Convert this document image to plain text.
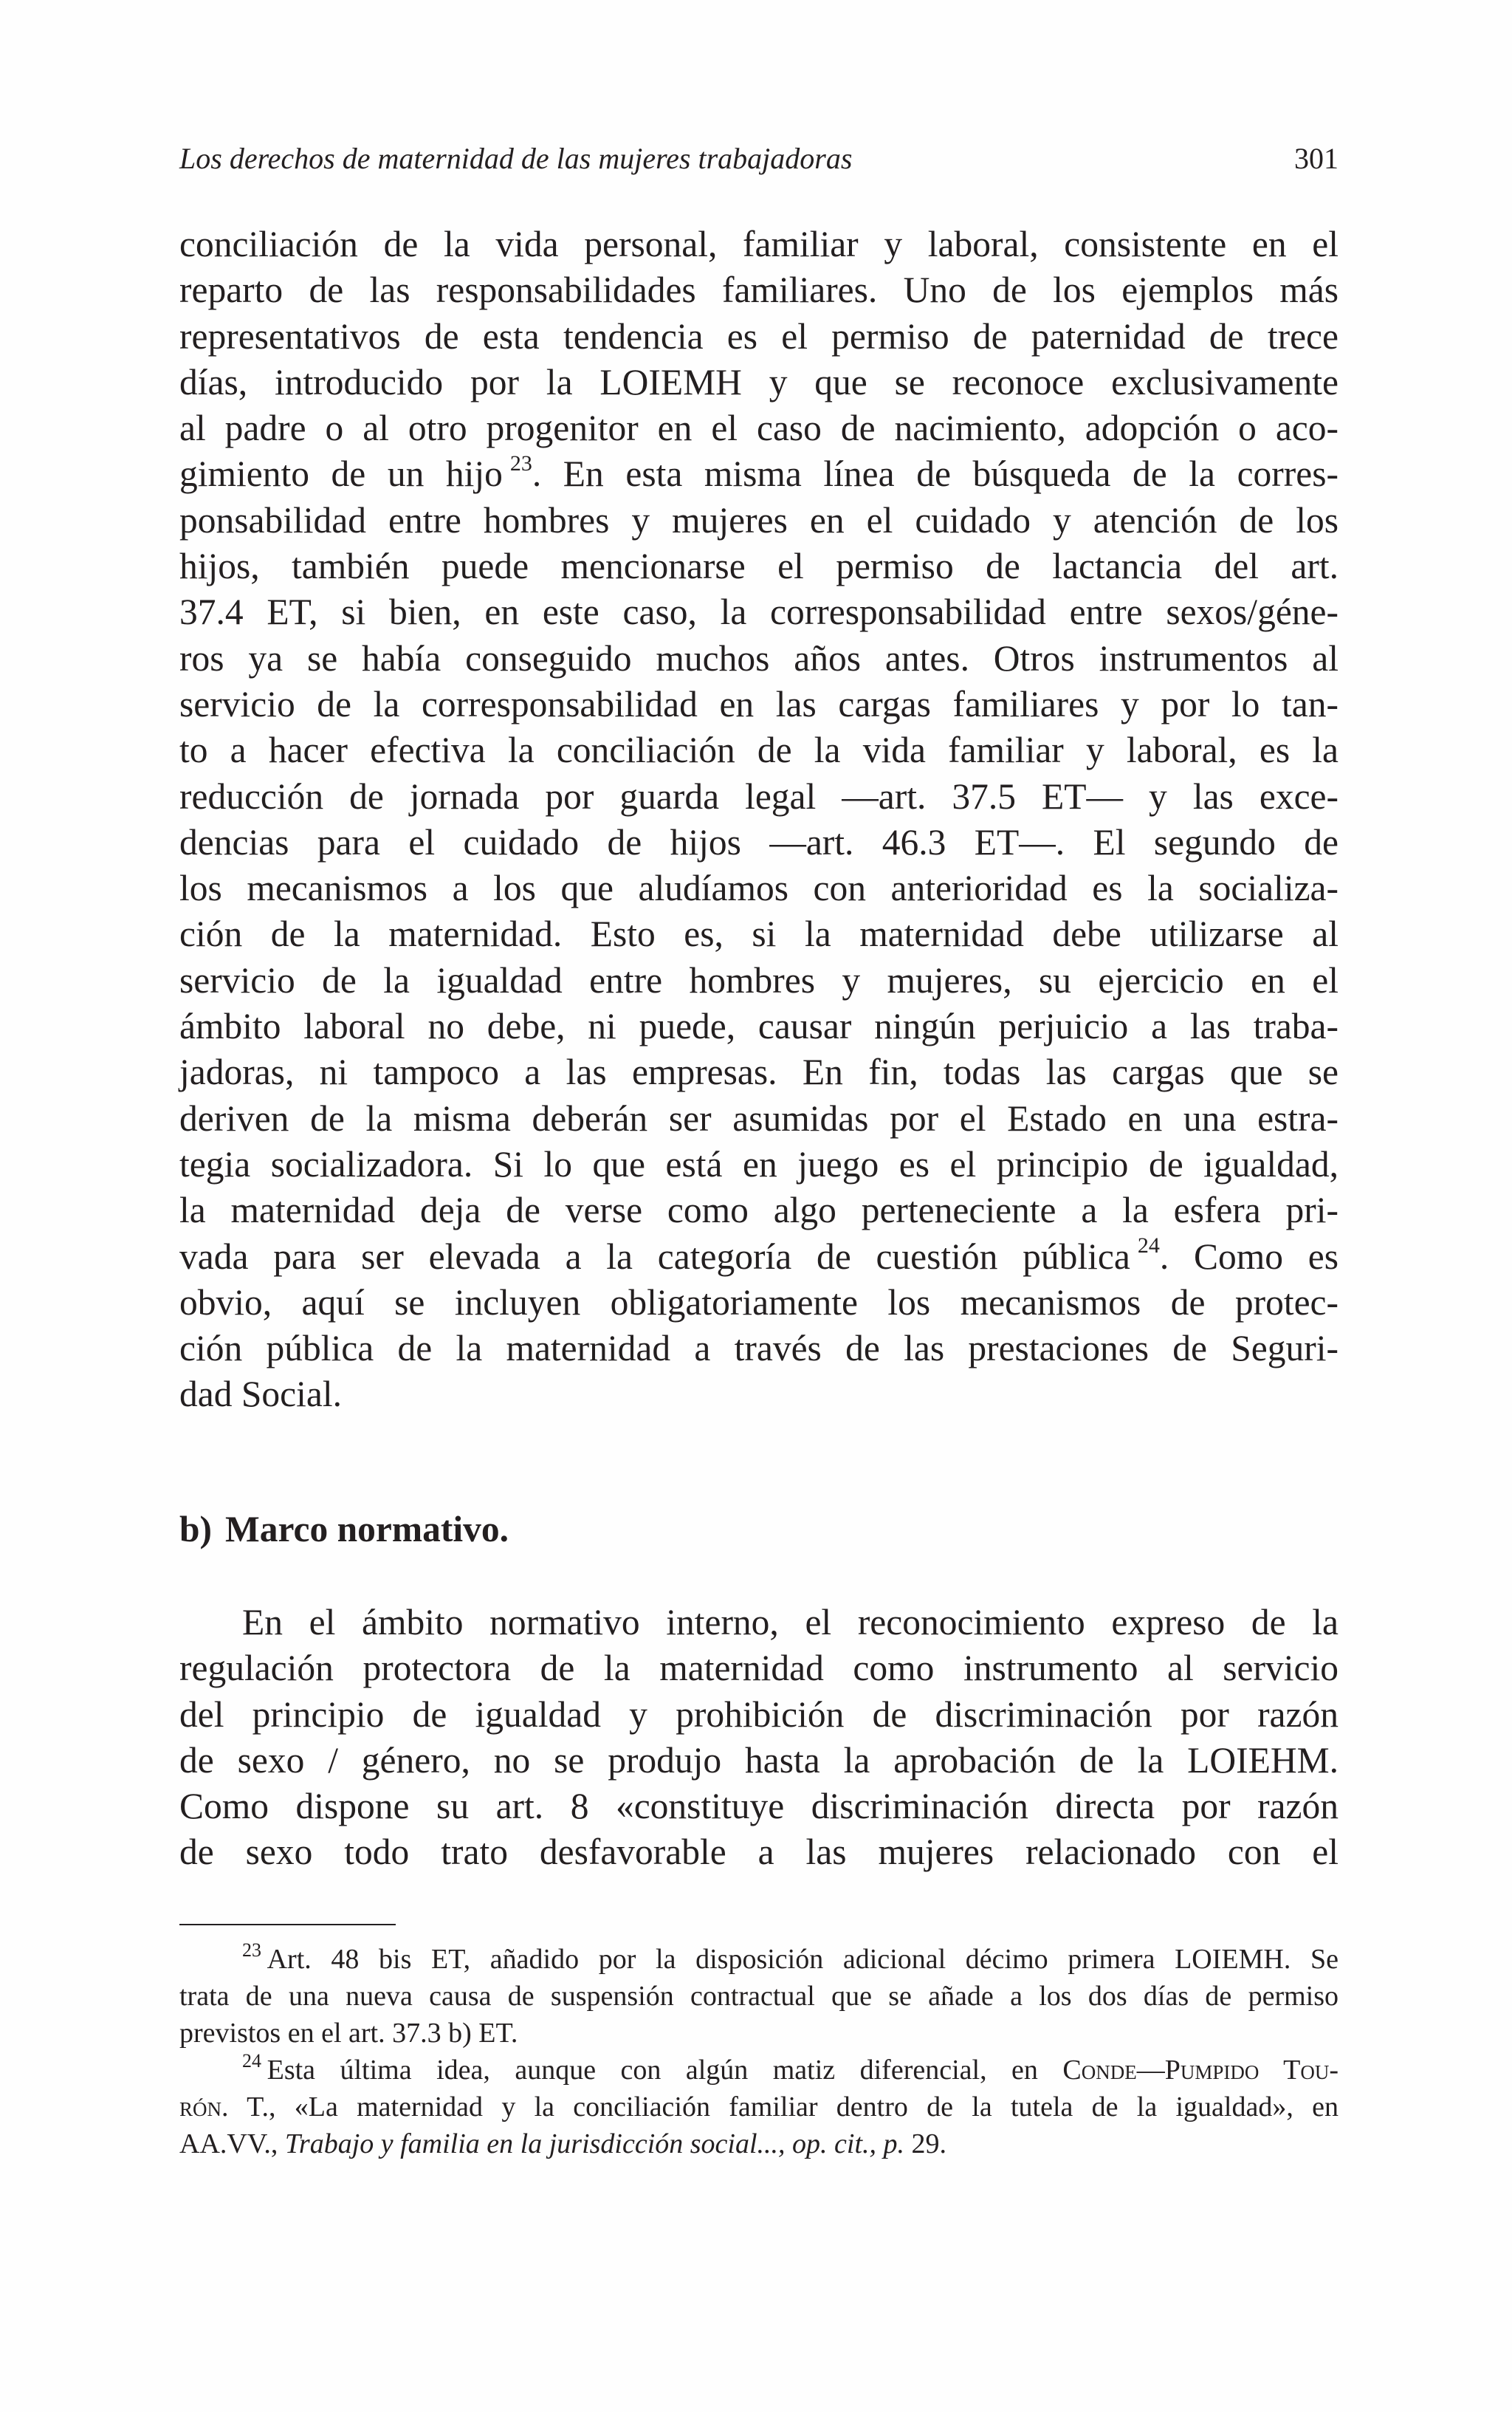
Los derechos de maternidad de las mujeres trabajadoras	301
conciliación de la vida personal, familiar y laboral, consistente en el
reparto de las responsabilidades familiares. Uno de los ejemplos más
representativos de esta tendencia es el permiso de paternidad de trece
días, introducido por la LOIEMH y que se reconoce exclusivamente
al padre o al otro progenitor en el caso de nacimiento, adopción o aco-
gimiento de un hijo  $^{23}$. En esta misma línea de búsqueda de la corres-
ponsabilidad entre hombres y mujeres en el cuidado y atención de los
hijos, también puede mencionarse el permiso de lactancia del art.
37.4 ET, si bien, en este caso, la corresponsabilidad entre sexos/géne-
ros ya se había conseguido muchos años antes. Otros instrumentos al
servicio de la corresponsabilidad en las cargas familiares y por lo tan-
to a hacer efectiva la conciliación de la vida familiar y laboral, es la
reducción de jornada por guarda legal —art. 37.5 ET— y las exce-
dencias para el cuidado de hijos —art. 46.3 ET—. El segundo de
los mecanismos a los que aludíamos con anterioridad es la socializa-
ción de la maternidad. Esto es, si la maternidad debe utilizarse al
servicio de la igualdad entre hombres y mujeres, su ejercicio en el
ámbito laboral no debe, ni puede, causar ningún perjuicio a las traba-
jadoras, ni tampoco a las empresas. En fin, todas las cargas que se
deriven de la misma deberán ser asumidas por el Estado en una estra-
tegia socializadora. Si lo que está en juego es el principio de igualdad,
la maternidad deja de verse como algo perteneciente a la esfera pri-
vada para ser elevada a la categoría de cuestión pública  $^{24}$. Como es
obvio, aquí se incluyen obligatoriamente los mecanismos de protec-
ción pública de la maternidad a través de las prestaciones de Seguri-
dad Social.
b) Marco normativo.
En el ámbito normativo interno, el reconocimiento expreso de la
regulación protectora de la maternidad como instrumento al servicio
del principio de igualdad y prohibición de discriminación por razón
de sexo / género, no se produjo hasta la aprobación de la LOIEHM.
Como dispone su art. 8 «constituye discriminación directa por razón
de sexo todo trato desfavorable a las mujeres relacionado con el
$^{23}$  Art. 48 bis ET, añadido por la disposición adicional décimo primera LOIEMH. Se
trata de una nueva causa de suspensión contractual que se añade a los dos días de permiso
previstos en el art. 37.3 b) ET.
$^{24}$  Esta última idea, aunque con algún matiz diferencial, en Conde—Pumpido Tou-
rón. T., «La maternidad y la conciliación familiar dentro de la tutela de la igualdad», en
AA.VV., Trabajo y familia en la jurisdicción social..., op. cit., p. 29.
